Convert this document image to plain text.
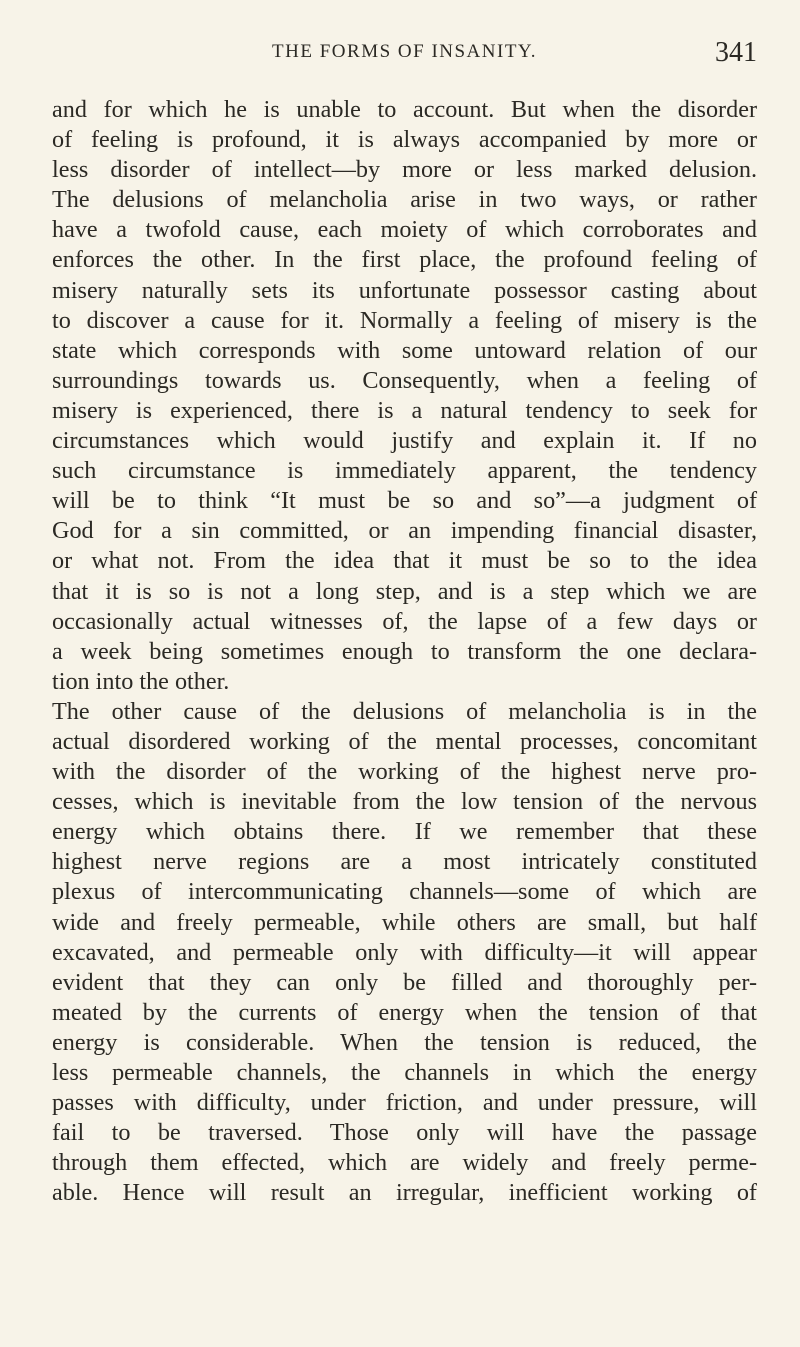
THE FORMS OF INSANITY.	341
and for which he is unable to account. But when the disorder
of feeling is profound, it is always accompanied by more or
less disorder of intellect—by more or less marked delusion.
The delusions of melancholia arise in two ways, or rather
have a twofold cause, each moiety of which corroborates and
enforces the other. In the first place, the profound feeling of
misery naturally sets its unfortunate possessor casting about
to discover a cause for it. Normally a feeling of misery is the
state which corresponds with some untoward relation of our
surroundings towards us. Consequently, when a feeling of
misery is experienced, there is a natural tendency to seek for
circumstances which would justify and explain it. If no
such circumstance is immediately apparent, the tendency
will be to think “It must be so and so”—a judgment of
God for a sin committed, or an impending financial disaster,
or what not. From the idea that it must be so to the idea
that it is so is not a long step, and is a step which we are
occasionally actual witnesses of, the lapse of a few days or
a week being sometimes enough to transform the one declara-
tion into the other.
The other cause of the delusions of melancholia is in the
actual disordered working of the mental processes, concomitant
with the disorder of the working of the highest nerve pro-
cesses, which is inevitable from the low tension of the nervous
energy which obtains there. If we remember that these
highest nerve regions are a most intricately constituted
plexus of intercommunicating channels—some of which are
wide and freely permeable, while others are small, but half
excavated, and permeable only with difficulty—it will appear
evident that they can only be filled and thoroughly per-
meated by the currents of energy when the tension of that
energy is considerable. When the tension is reduced, the
less permeable channels, the channels in which the energy
passes with difficulty, under friction, and under pressure, will
fail to be traversed. Those only will have the passage
through them effected, which are widely and freely perme-
able. Hence will result an irregular, inefficient working of
